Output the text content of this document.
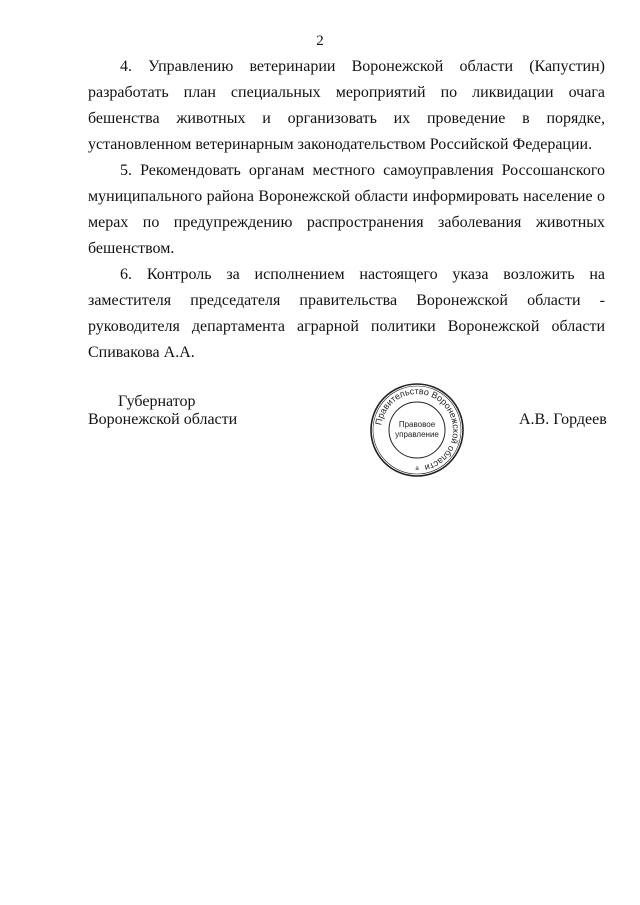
2

4. Управлению ветеринарии Воронежской области (Капустин) разработать план специальных мероприятий по ликвидации очага бешенства животных и организовать их проведение в порядке, установленном ветеринарным законодательством Российской Федерации.

5. Рекомендовать органам местного самоуправления Россошанского муниципального района Воронежской области информировать население о мерах по предупреждению распространения заболевания животных бешенством.

6. Контроль за исполнением настоящего указа возложить на заместителя председателя правительства Воронежской области - руководителя департамента аграрной политики Воронежской области Спивакова А.А.

Губернатор
Воронежской области	Правительство Воронежской области
Правовое
управление
а
А.В. Гордеев
